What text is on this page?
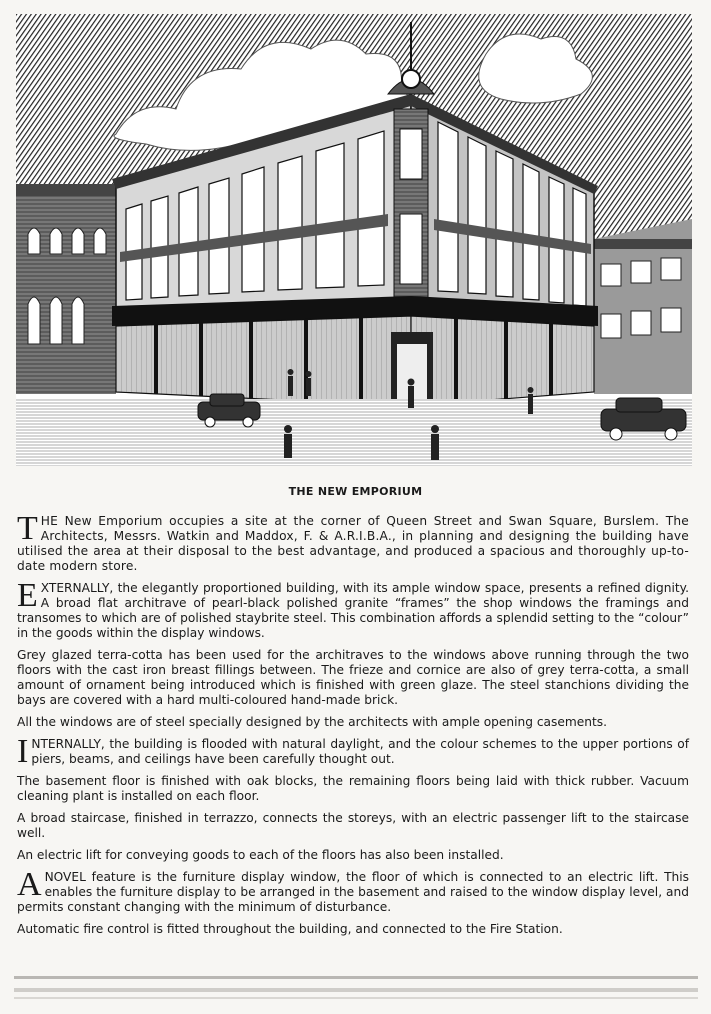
THE NEW EMPORIUM

THE New Emporium occupies a site at the corner of Queen Street and Swan Square, Burslem. The Architects, Messrs. Watkin and Maddox, F. & A.R.I.B.A., in planning and designing the building have utilised the area at their disposal to the best advantage, and produced a spacious and thoroughly up-to-date modern store.

EXTERNALLY, the elegantly proportioned building, with its ample window space, presents a refined dignity. A broad flat architrave of pearl-black polished granite “frames” the shop windows the framings and transomes to which are of polished staybrite steel. This combination affords a splendid setting to the “colour” in the goods within the display windows.

Grey glazed terra-cotta has been used for the architraves to the windows above running through the two floors with the cast iron breast fillings between. The frieze and cornice are also of grey terra-cotta, a small amount of ornament being introduced which is finished with green glaze. The steel stanchions dividing the bays are covered with a hard multi-coloured hand-made brick.

All the windows are of steel specially designed by the architects with ample opening casements.

INTERNALLY, the building is flooded with natural daylight, and the colour schemes to the upper portions of piers, beams, and ceilings have been carefully thought out.

The basement floor is finished with oak blocks, the remaining floors being laid with thick rubber. Vacuum cleaning plant is installed on each floor.

A broad staircase, finished in terrazzo, connects the storeys, with an electric passenger lift to the staircase well.

An electric lift for conveying goods to each of the floors has also been installed.

A NOVEL feature is the furniture display window, the floor of which is connected to an electric lift. This enables the furniture display to be arranged in the basement and raised to the window display level, and permits constant changing with the minimum of disturbance.

Automatic fire control is fitted throughout the building, and connected to the Fire Station.
